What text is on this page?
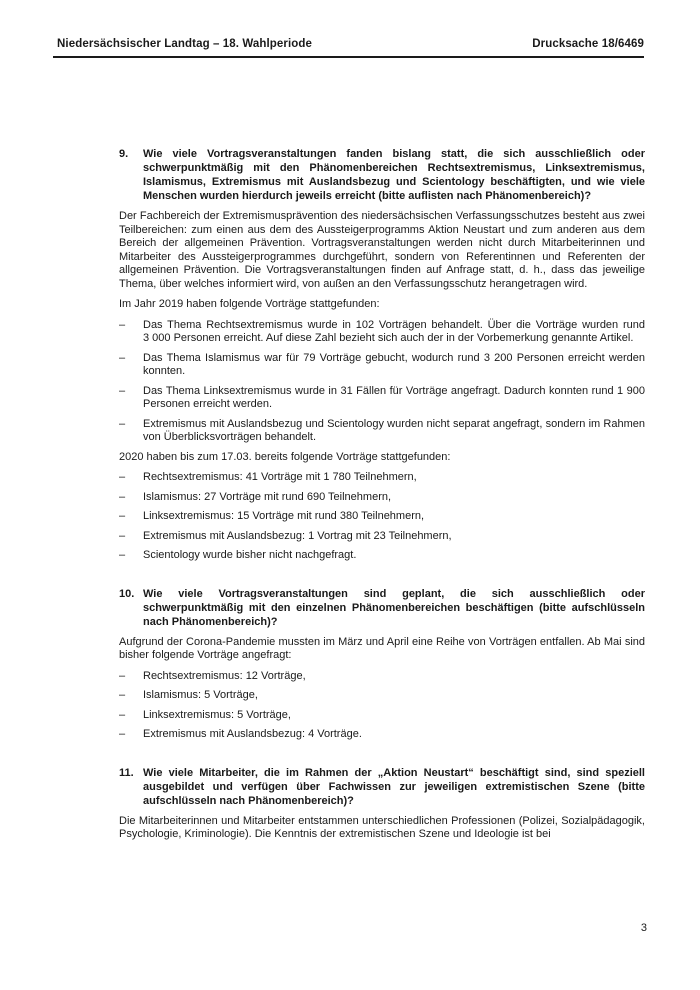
Niedersächsischer Landtag – 18. Wahlperiode	Drucksache 18/6469
9.	Wie viele Vortragsveranstaltungen fanden bislang statt, die sich ausschließlich oder schwerpunktmäßig mit den Phänomenbereichen Rechtsextremismus, Linksextremismus, Islamismus, Extremismus mit Auslandsbezug und Scientology beschäftigten, und wie viele Menschen wurden hierdurch jeweils erreicht (bitte auflisten nach Phänomenbereich)?

Der Fachbereich der Extremismusprävention des niedersächsischen Verfassungsschutzes besteht aus zwei Teilbereichen: zum einen aus dem des Aussteigerprogramms Aktion Neustart und zum anderen aus dem Bereich der allgemeinen Prävention. Vortragsveranstaltungen werden nicht durch Mitarbeiterinnen und Mitarbeiter des Aussteigerprogrammes durchgeführt, sondern von Referentinnen und Referenten der allgemeinen Prävention. Die Vortragsveranstaltungen finden auf Anfrage statt, d. h., dass das jeweilige Thema, über welches informiert wird, von außen an den Verfassungsschutz herangetragen wird.

Im Jahr 2019 haben folgende Vorträge stattgefunden:

–	Das Thema Rechtsextremismus wurde in 102 Vorträgen behandelt. Über die Vorträge wurden rund 3 000 Personen erreicht. Auf diese Zahl bezieht sich auch der in der Vorbemerkung genannte Artikel.

–	Das Thema Islamismus war für 79 Vorträge gebucht, wodurch rund 3 200 Personen erreicht werden konnten.

–	Das Thema Linksextremismus wurde in 31 Fällen für Vorträge angefragt. Dadurch konnten rund 1 900 Personen erreicht werden.

–	Extremismus mit Auslandsbezug und Scientology wurden nicht separat angefragt, sondern im Rahmen von Überblicksvorträgen behandelt.

2020 haben bis zum 17.03. bereits folgende Vorträge stattgefunden:

–	Rechtsextremismus: 41 Vorträge mit 1 780 Teilnehmern,

–	Islamismus: 27 Vorträge mit rund 690 Teilnehmern,

–	Linksextremismus: 15 Vorträge mit rund 380 Teilnehmern,

–	Extremismus mit Auslandsbezug: 1 Vortrag mit 23 Teilnehmern,

–	Scientology wurde bisher nicht nachgefragt.

10. Wie viele Vortragsveranstaltungen sind geplant, die sich ausschließlich oder schwerpunktmäßig mit den einzelnen Phänomenbereichen beschäftigen (bitte aufschlüsseln nach Phänomenbereich)?

Aufgrund der Corona-Pandemie mussten im März und April eine Reihe von Vorträgen entfallen. Ab Mai sind bisher folgende Vorträge angefragt:

–	Rechtsextremismus: 12 Vorträge,

–	Islamismus: 5 Vorträge,

–	Linksextremismus: 5 Vorträge,

–	Extremismus mit Auslandsbezug: 4 Vorträge.

11. Wie viele Mitarbeiter, die im Rahmen der „Aktion Neustart“ beschäftigt sind, sind speziell ausgebildet und verfügen über Fachwissen zur jeweiligen extremistischen Szene (bitte aufschlüsseln nach Phänomenbereich)?

Die Mitarbeiterinnen und Mitarbeiter entstammen unterschiedlichen Professionen (Polizei, Sozialpädagogik, Psychologie, Kriminologie). Die Kenntnis der extremistischen Szene und Ideologie ist bei

3
